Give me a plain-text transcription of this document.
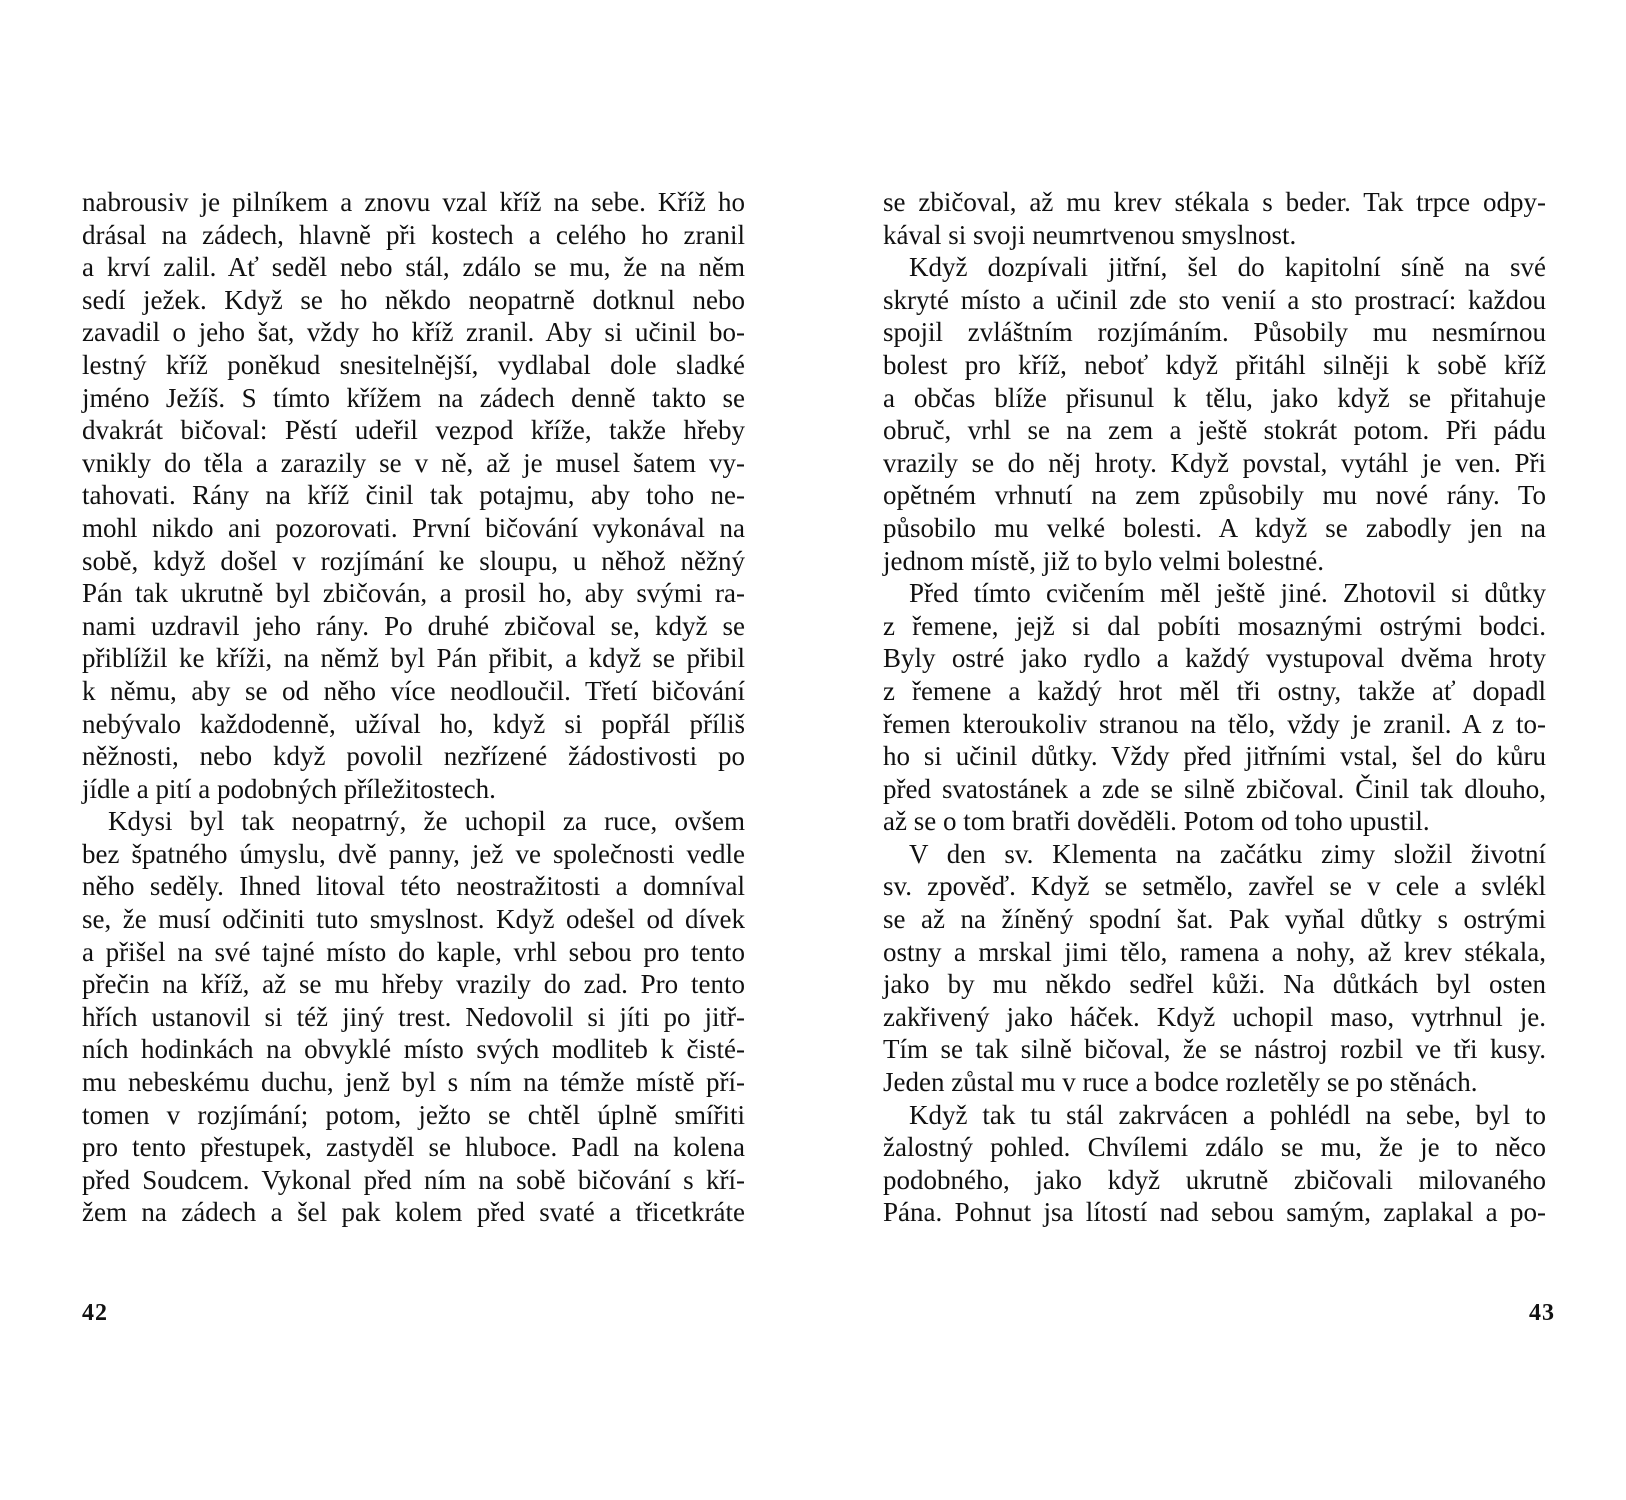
nabrousiv je pilníkem a znovu vzal kříž na sebe. Kříž ho
drásal na zádech, hlavně při kostech a celého ho zranil
a krví zalil. Ať seděl nebo stál, zdálo se mu, že na něm
sedí ježek. Když se ho někdo neopatrně dotknul nebo
zavadil o jeho šat, vždy ho kříž zranil. Aby si učinil bo-
lestný kříž poněkud snesitelnější, vydlabal dole sladké
jméno Ježíš. S tímto křížem na zádech denně takto se
dvakrát bičoval: Pěstí udeřil vezpod kříže, takže hřeby
vnikly do těla a zarazily se v ně, až je musel šatem vy-
tahovati. Rány na kříž činil tak potajmu, aby toho ne-
mohl nikdo ani pozorovati. První bičování vykonával na
sobě, když došel v rozjímání ke sloupu, u něhož něžný
Pán tak ukrutně byl zbičován, a prosil ho, aby svými ra-
nami uzdravil jeho rány. Po druhé zbičoval se, když se
přiblížil ke kříži, na němž byl Pán přibit, a když se přibil
k němu, aby se od něho více neodloučil. Třetí bičování
nebývalo každodenně, užíval ho, když si popřál příliš
něžnosti, nebo když povolil nezřízené žádostivosti po
jídle a pití a podobných příležitostech.
Kdysi byl tak neopatrný, že uchopil za ruce, ovšem
bez špatného úmyslu, dvě panny, jež ve společnosti vedle
něho seděly. Ihned litoval této neostražitosti a domníval
se, že musí odčiniti tuto smyslnost. Když odešel od dívek
a přišel na své tajné místo do kaple, vrhl sebou pro tento
přečin na kříž, až se mu hřeby vrazily do zad. Pro tento
hřích ustanovil si též jiný trest. Nedovolil si jíti po jitř-
ních hodinkách na obvyklé místo svých modliteb k čisté-
mu nebeskému duchu, jenž byl s ním na témže místě pří-
tomen v rozjímání; potom, ježto se chtěl úplně smířiti
pro tento přestupek, zastyděl se hluboce. Padl na kolena
před Soudcem. Vykonal před ním na sobě bičování s kří-
žem na zádech a šel pak kolem před svaté a třicetkráte
42
se zbičoval, až mu krev stékala s beder. Tak trpce odpy-
kával si svoji neumrtvenou smyslnost.
Když dozpívali jitřní, šel do kapitolní síně na své
skryté místo a učinil zde sto venií a sto prostrací: každou
spojil zvláštním rozjímáním. Působily mu nesmírnou
bolest pro kříž, neboť když přitáhl silněji k sobě kříž
a občas blíže přisunul k tělu, jako když se přitahuje
obruč, vrhl se na zem a ještě stokrát potom. Při pádu
vrazily se do něj hroty. Když povstal, vytáhl je ven. Při
opětném vrhnutí na zem způsobily mu nové rány. To
působilo mu velké bolesti. A když se zabodly jen na
jednom místě, již to bylo velmi bolestné.
Před tímto cvičením měl ještě jiné. Zhotovil si důtky
z řemene, jejž si dal pobíti mosaznými ostrými bodci.
Byly ostré jako rydlo a každý vystupoval dvěma hroty
z řemene a každý hrot měl tři ostny, takže ať dopadl
řemen kteroukoliv stranou na tělo, vždy je zranil. A z to-
ho si učinil důtky. Vždy před jitřními vstal, šel do kůru
před svatostánek a zde se silně zbičoval. Činil tak dlouho,
až se o tom bratři dověděli. Potom od toho upustil.
V den sv. Klementa na začátku zimy složil životní
sv. zpověď. Když se setmělo, zavřel se v cele a svlékl
se až na žíněný spodní šat. Pak vyňal důtky s ostrými
ostny a mrskal jimi tělo, ramena a nohy, až krev stékala,
jako by mu někdo sedřel kůži. Na důtkách byl osten
zakřivený jako háček. Když uchopil maso, vytrhnul je.
Tím se tak silně bičoval, že se nástroj rozbil ve tři kusy.
Jeden zůstal mu v ruce a bodce rozletěly se po stěnách.
Když tak tu stál zakrvácen a pohlédl na sebe, byl to
žalostný pohled. Chvílemi zdálo se mu, že je to něco
podobného, jako když ukrutně zbičovali milovaného
Pána. Pohnut jsa lítostí nad sebou samým, zaplakal a po-
43
